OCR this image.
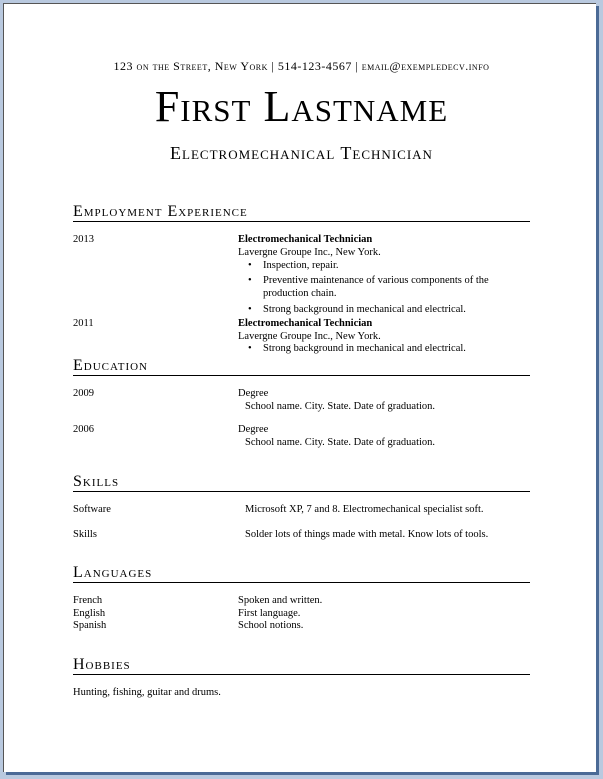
123 on the Street, New York | 514-123-4567 | email@exempledecv.info
First Lastname
Electromechanical Technician
Employment Experience
2013	Electromechanical Technician
Lavergne Groupe Inc., New York.
• Inspection, repair.
• Preventive maintenance of various components of the production chain.
• Strong background in mechanical and electrical.
2011	Electromechanical Technician
Lavergne Groupe Inc., New York.
• Strong background in mechanical and electrical.
Education
2009	Degree
School name. City. State. Date of graduation.
2006	Degree
School name. City. State. Date of graduation.
Skills
Software	Microsoft XP, 7 and 8. Electromechanical specialist soft.
Skills	Solder lots of things made with metal. Know lots of tools.
Languages
French	Spoken and written.
English	First language.
Spanish	School notions.
Hobbies
Hunting, fishing, guitar and drums.
